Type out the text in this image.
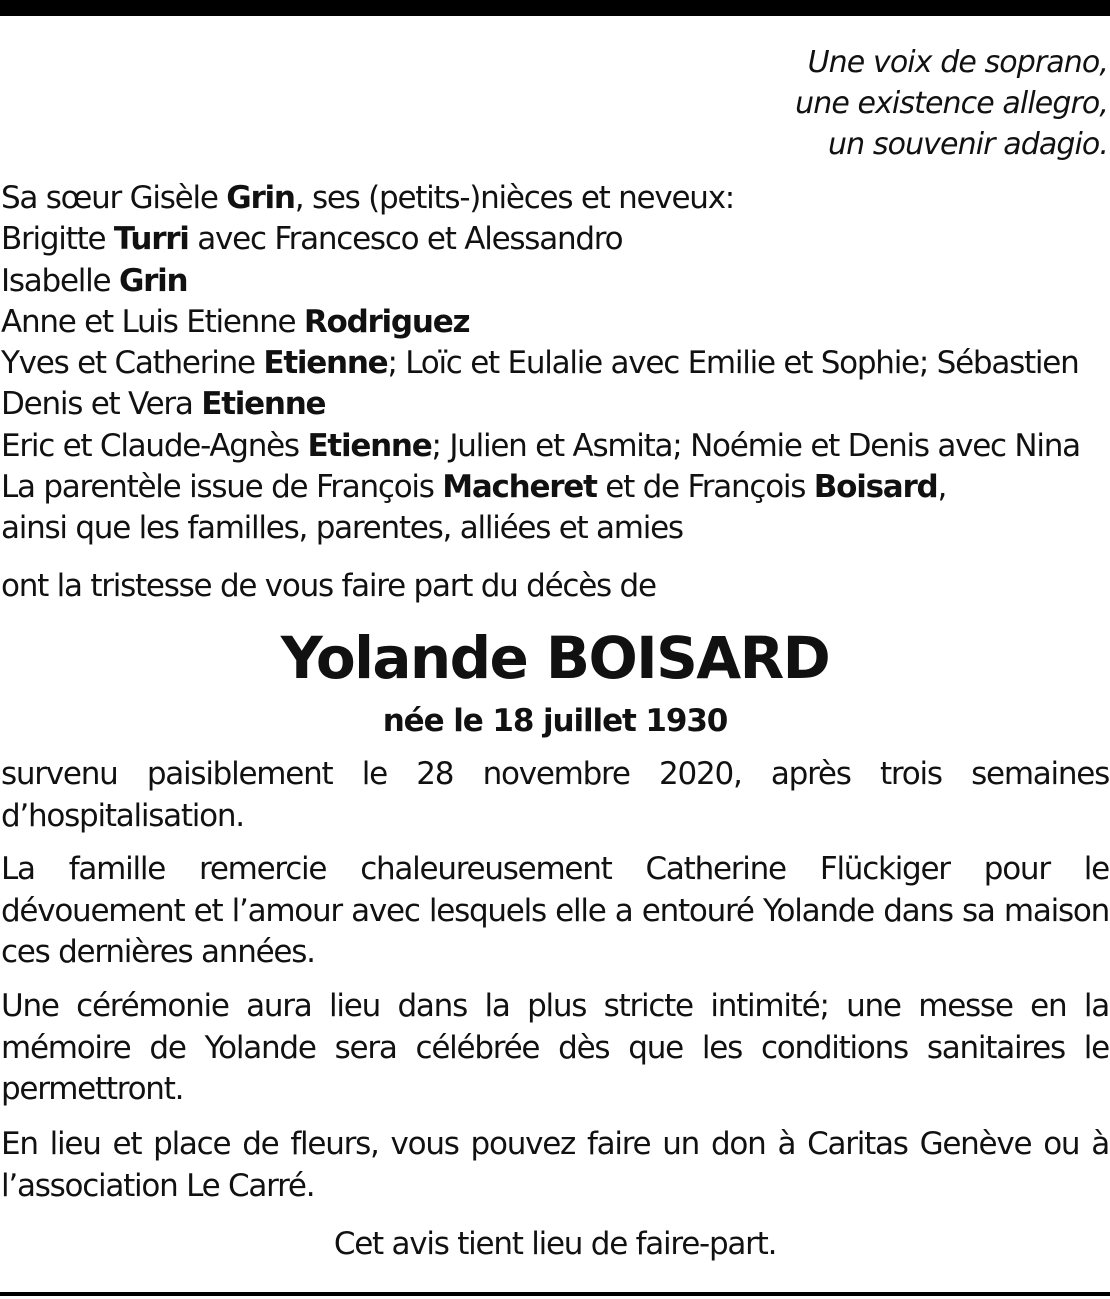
Une voix de soprano,
une existence allegro,
un souvenir adagio.
Sa sœur Gisèle Grin, ses (petits-)nièces et neveux:
Brigitte Turri avec Francesco et Alessandro
Isabelle Grin
Anne et Luis Etienne Rodriguez
Yves et Catherine Etienne; Loïc et Eulalie avec Emilie et Sophie; Sébastien
Denis et Vera Etienne
Eric et Claude-Agnès Etienne; Julien et Asmita; Noémie et Denis avec Nina
La parentèle issue de François Macheret et de François Boisard,
ainsi que les familles, parentes, alliées et amies
ont la tristesse de vous faire part du décès de
Yolande BOISARD
née le 18 juillet 1930
survenu paisiblement le 28 novembre 2020, après trois semaines d’hospitalisation.
La famille remercie chaleureusement Catherine Flückiger pour le dévouement et l’amour avec lesquels elle a entouré Yolande dans sa maison ces dernières années.
Une cérémonie aura lieu dans la plus stricte intimité; une messe en la mémoire de Yolande sera célébrée dès que les conditions sanitaires le permettront.
En lieu et place de fleurs, vous pouvez faire un don à Caritas Genève ou à l’association Le Carré.
Cet avis tient lieu de faire-part.
